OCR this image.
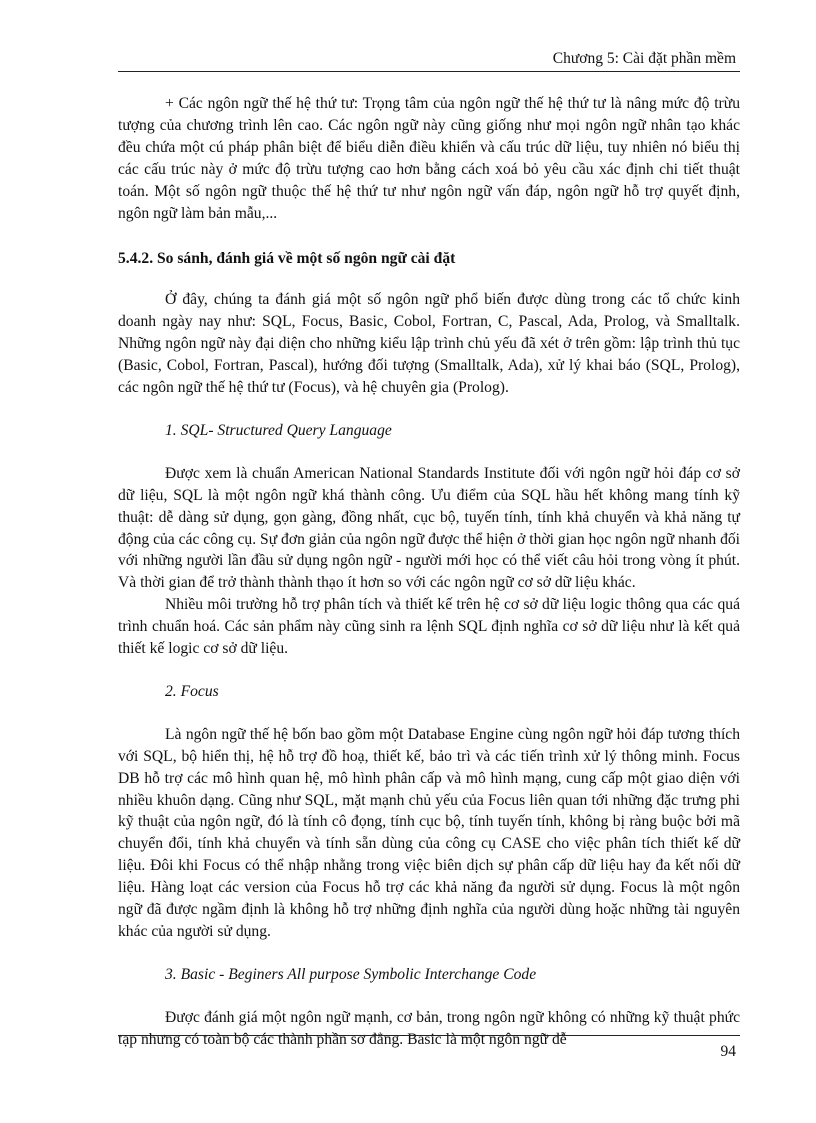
Chương 5: Cài đặt phần mềm

+ Các ngôn ngữ thế hệ thứ tư: Trọng tâm của ngôn ngữ thế hệ thứ tư là nâng mức độ trừu tượng của chương trình lên cao. Các ngôn ngữ này cũng giống như mọi ngôn ngữ nhân tạo khác đều chứa một cú pháp phân biệt để biểu diễn điều khiển và cấu trúc dữ liệu, tuy nhiên nó biểu thị các cấu trúc này ở mức độ trừu tượng cao hơn bằng cách xoá bỏ yêu cầu xác định chi tiết thuật toán. Một số ngôn ngữ thuộc thế hệ thứ tư như ngôn ngữ vấn đáp, ngôn ngữ hỗ trợ quyết định, ngôn ngữ làm bản mẫu,...

5.4.2. So sánh, đánh giá về một số ngôn ngữ cài đặt

Ở đây, chúng ta đánh giá một số ngôn ngữ phổ biến được dùng trong các tổ chức kinh doanh ngày nay như: SQL, Focus, Basic, Cobol, Fortran, C, Pascal, Ada, Prolog, và Smalltalk. Những ngôn ngữ này đại diện cho những kiểu lập trình chủ yếu đã xét ở trên gồm: lập trình thủ tục (Basic, Cobol, Fortran, Pascal), hướng đối tượng (Smalltalk, Ada), xử lý khai báo (SQL, Prolog), các ngôn ngữ thế hệ thứ tư (Focus), và hệ chuyên gia (Prolog).

1. SQL- Structured Query Language

Được xem là chuẩn American National Standards Institute đối với ngôn ngữ hỏi đáp cơ sở dữ liệu, SQL là một ngôn ngữ khá thành công. Ưu điểm của SQL hầu hết không mang tính kỹ thuật: dễ dàng sử dụng, gọn gàng, đồng nhất, cục bộ, tuyến tính, tính khả chuyển và khả năng tự động của các công cụ. Sự đơn giản của ngôn ngữ được thể hiện ở thời gian học ngôn ngữ nhanh đối với những người lần đầu sử dụng ngôn ngữ - người mới học có thể viết câu hỏi trong vòng ít phút. Và thời gian để trở thành thành thạo ít hơn so với các ngôn ngữ cơ sở dữ liệu khác.

Nhiều môi trường hỗ trợ phân tích và thiết kế trên hệ cơ sở dữ liệu logic thông qua các quá trình chuẩn hoá. Các sản phẩm này cũng sinh ra lệnh SQL định nghĩa cơ sở dữ liệu như là kết quả thiết kế logic cơ sở dữ liệu.

2. Focus

Là ngôn ngữ thế hệ bốn bao gồm một Database Engine cùng ngôn ngữ hỏi đáp tương thích với SQL, bộ hiển thị, hệ hỗ trợ đồ hoạ, thiết kế, bảo trì và các tiến trình xử lý thông minh. Focus DB hỗ trợ các mô hình quan hệ, mô hình phân cấp và mô hình mạng, cung cấp một giao diện với nhiều khuôn dạng. Cũng như SQL, mặt mạnh chủ yếu của Focus liên quan tới những đặc trưng phi kỹ thuật của ngôn ngữ, đó là tính cô đọng, tính cục bộ, tính tuyến tính, không bị ràng buộc bởi mã chuyển đổi, tính khả chuyển và tính sẵn dùng của công cụ CASE cho việc phân tích thiết kế dữ liệu. Đôi khi Focus có thể nhập nhằng trong việc biên dịch sự phân cấp dữ liệu hay đa kết nối dữ liệu. Hàng loạt các version của Focus hỗ trợ các khả năng đa người sử dụng. Focus là một ngôn ngữ đã được ngầm định là không hỗ trợ những định nghĩa của người dùng hoặc những tài nguyên khác của người sử dụng.

3. Basic - Beginers All purpose Symbolic Interchange Code

Được đánh giá một ngôn ngữ mạnh, cơ bản, trong ngôn ngữ không có những kỹ thuật phức tạp nhưng có toàn bộ các thành phần sơ đẳng. Basic là một ngôn ngữ dễ

94
